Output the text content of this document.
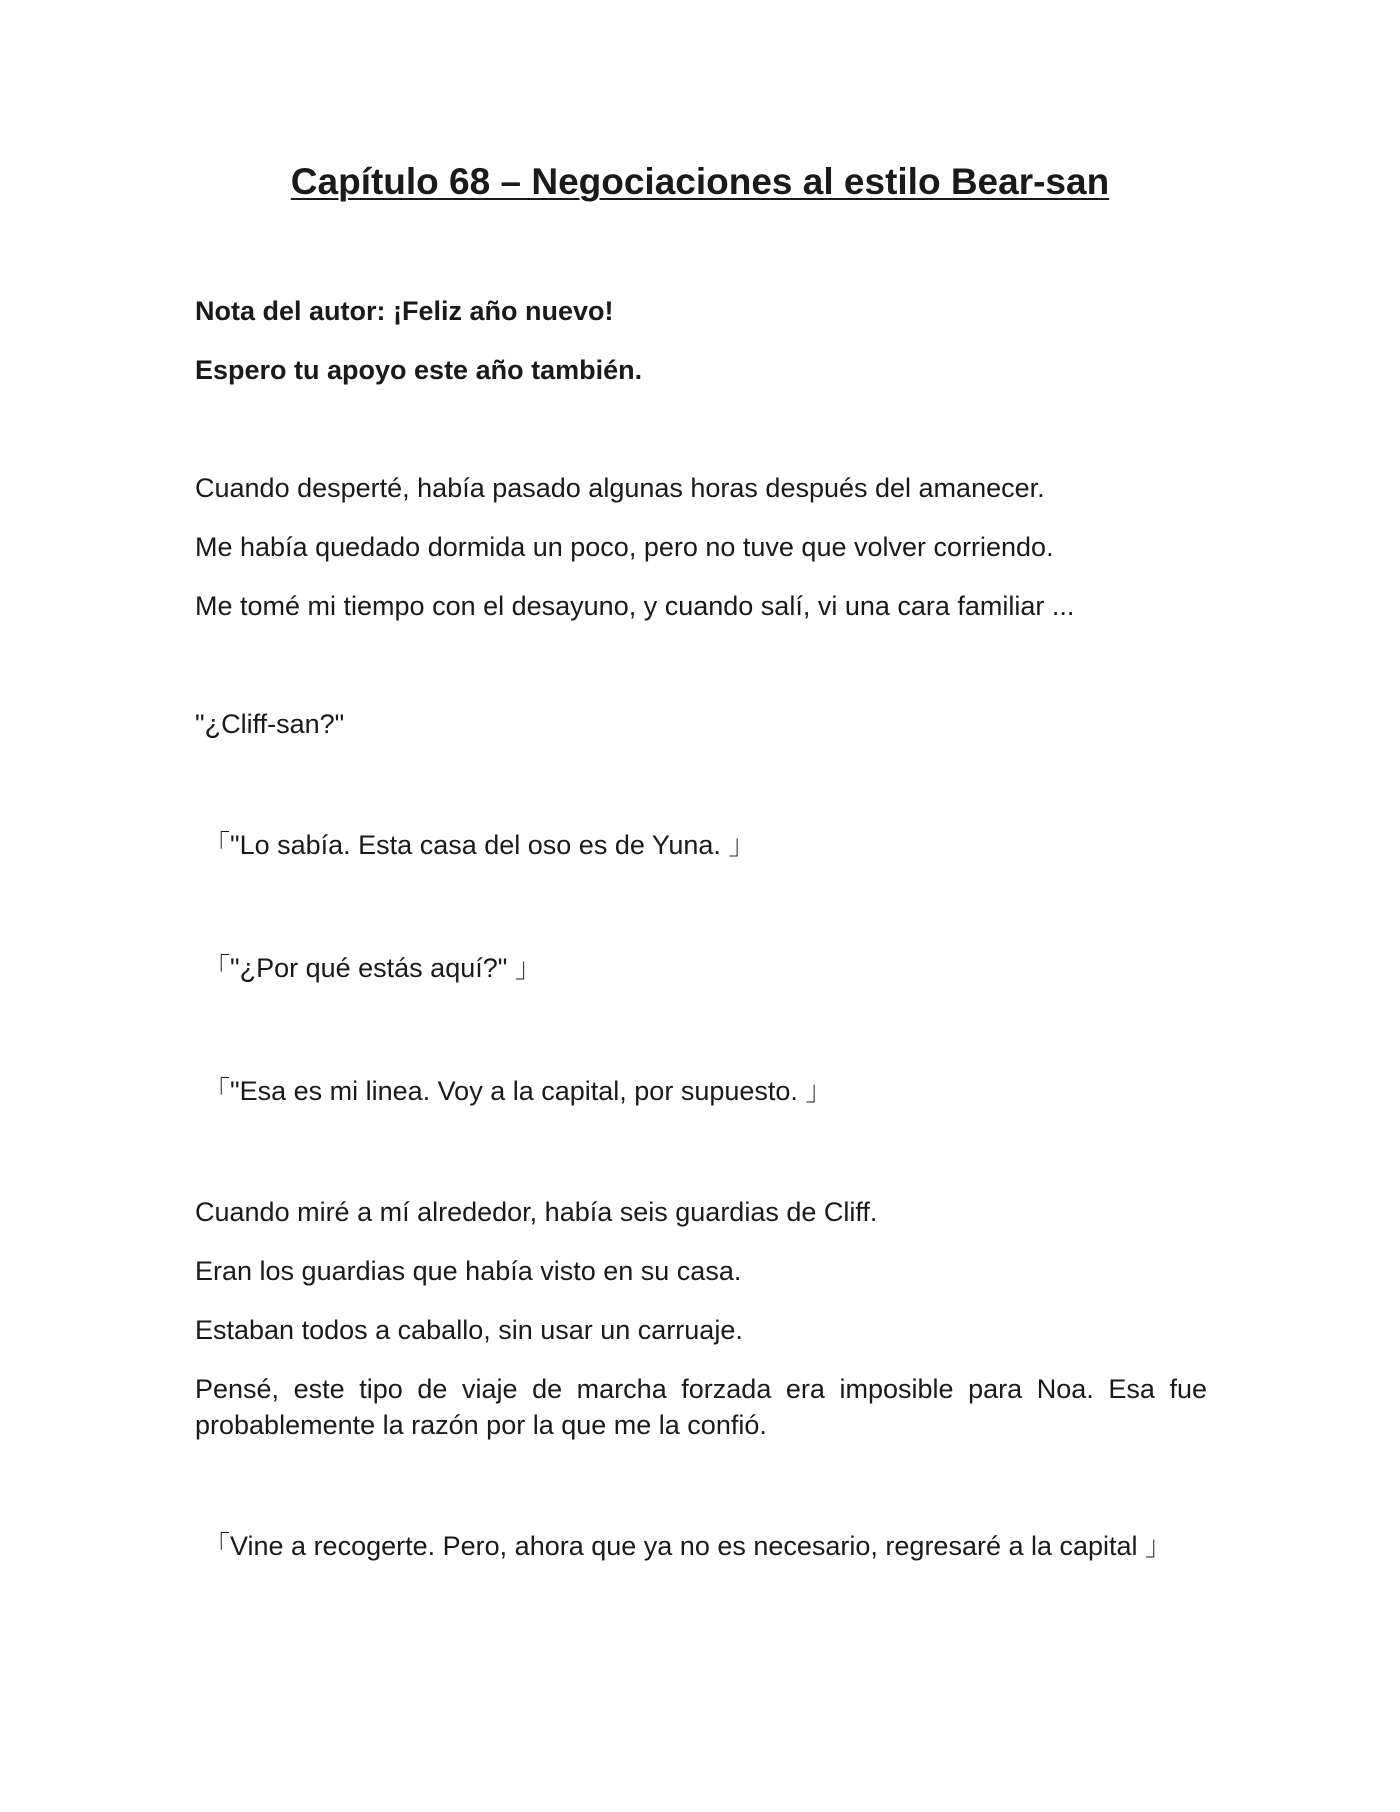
Capítulo 68 – Negociaciones al estilo Bear-san

Nota del autor: ¡Feliz año nuevo!

Espero tu apoyo este año también.

Cuando desperté, había pasado algunas horas después del amanecer.

Me había quedado dormida un poco, pero no tuve que volver corriendo.

Me tomé mi tiempo con el desayuno, y cuando salí, vi una cara familiar ...

"¿Cliff-san?"

「"Lo sabía. Esta casa del oso es de Yuna. 」

「"¿Por qué estás aquí?" 」

「"Esa es mi linea. Voy a la capital, por supuesto. 」

Cuando miré a mí alrededor, había seis guardias de Cliff.

Eran los guardias que había visto en su casa.

Estaban todos a caballo, sin usar un carruaje.

Pensé, este tipo de viaje de marcha forzada era imposible para Noa. Esa fue probablemente la razón por la que me la confió.

「Vine a recogerte. Pero, ahora que ya no es necesario, regresaré a la capital 」
